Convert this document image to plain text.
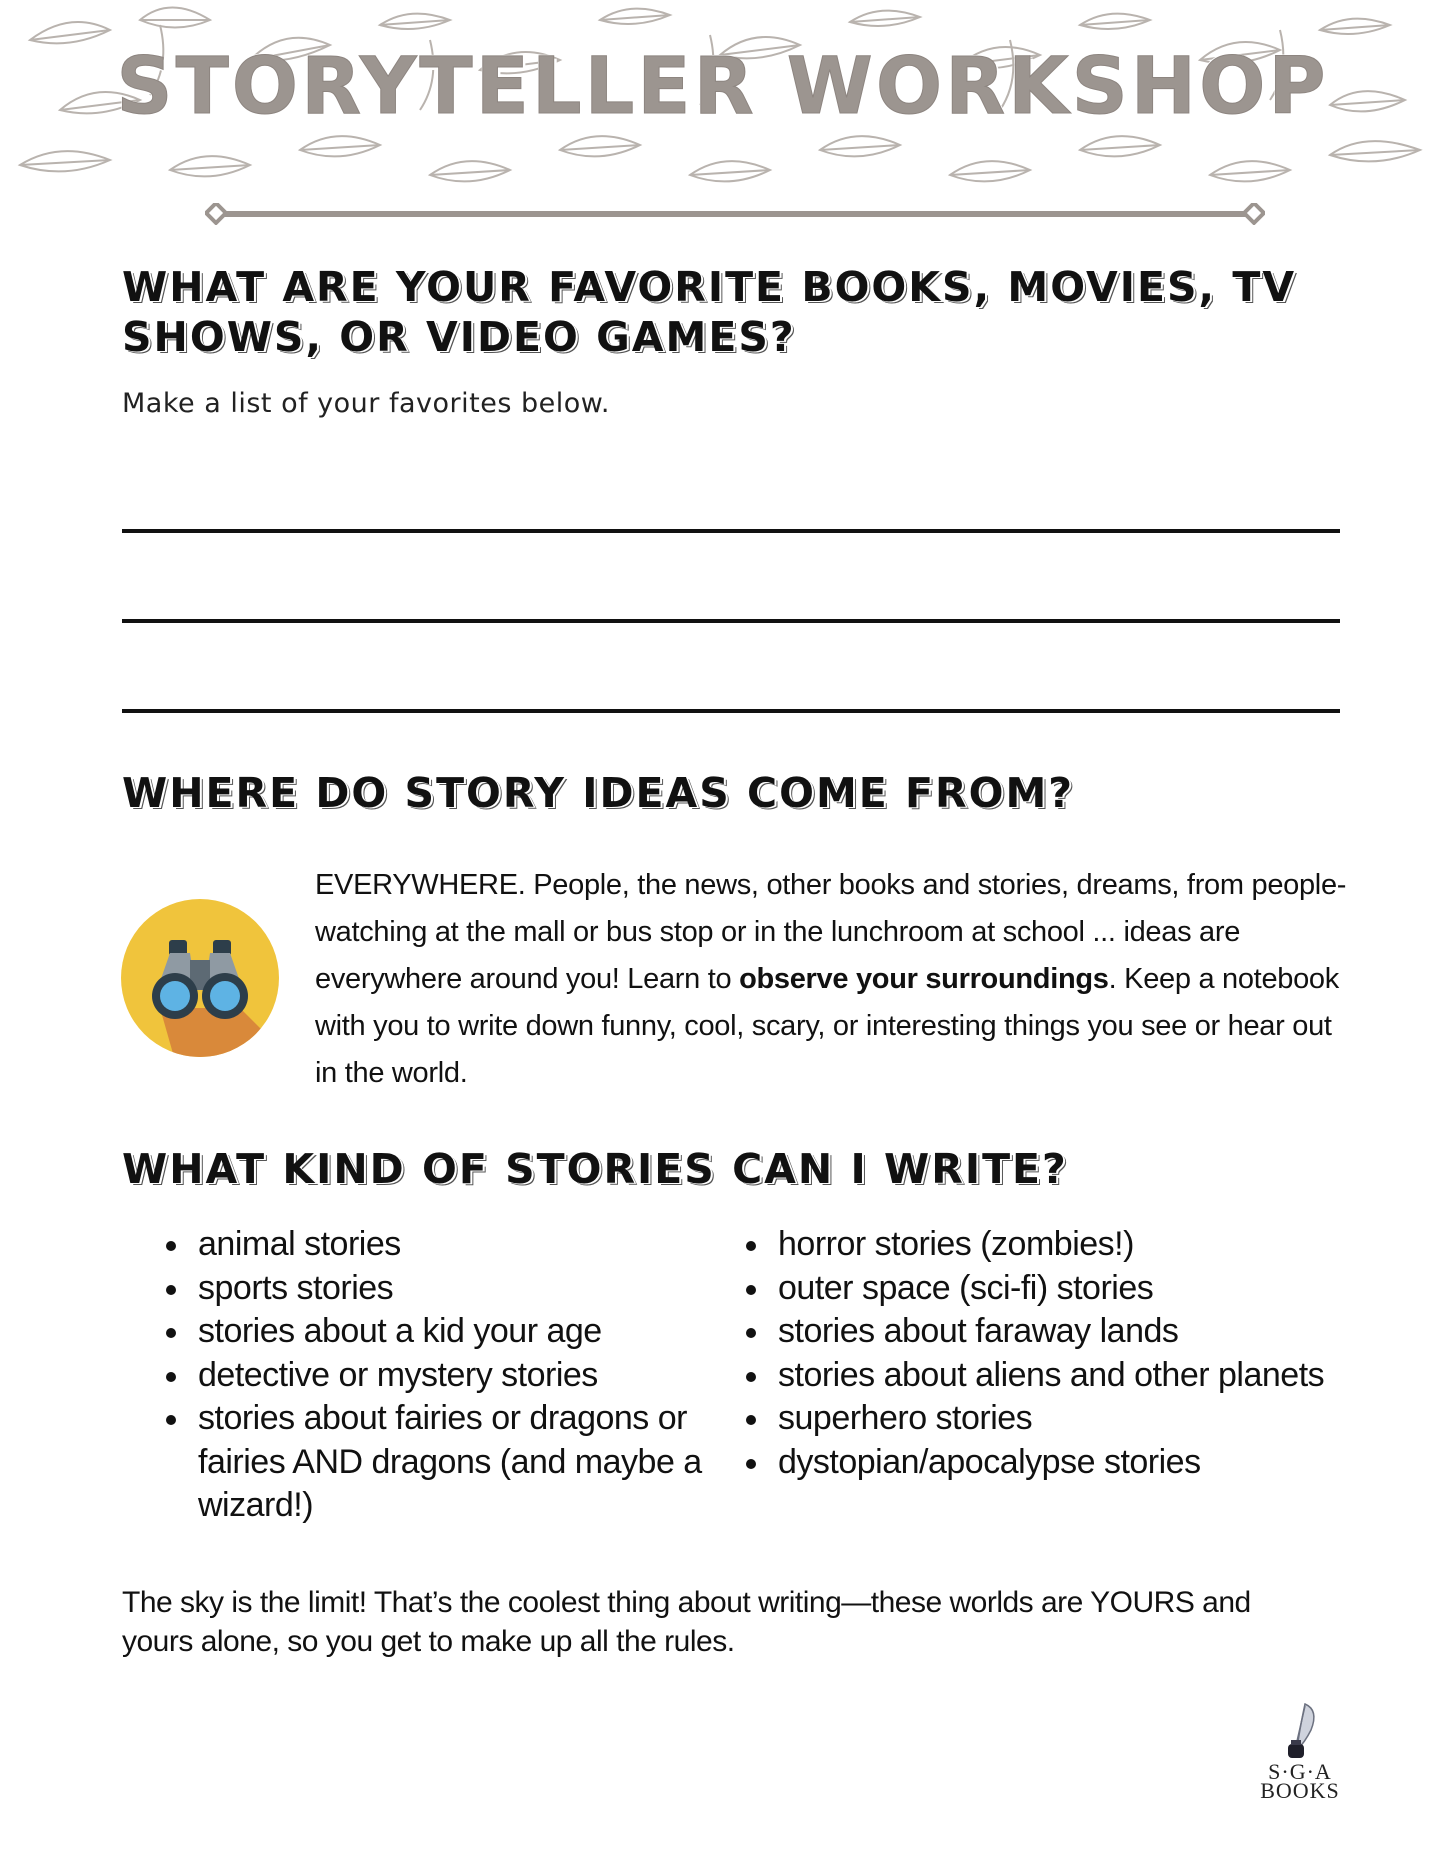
STORYTELLER WORKSHOP
WHAT ARE YOUR FAVORITE BOOKS, MOVIES, TV
SHOWS, OR VIDEO GAMES?
Make a list of your favorites below.
WHERE DO STORY IDEAS COME FROM?
EVERYWHERE. People, the news, other books and stories, dreams, from people-watching at the mall or bus stop or in the lunchroom at school ... ideas are everywhere around you! Learn to observe your surroundings. Keep a notebook with you to write down funny, cool, scary, or interesting things you see or hear out in the world.
WHAT KIND OF STORIES CAN I WRITE?
animal stories
sports stories
stories about a kid your age
detective or mystery stories
stories about fairies or dragons or fairies AND dragons (and maybe a wizard!)
horror stories (zombies!)
outer space (sci-fi) stories
stories about faraway lands
stories about aliens and other planets
superhero stories
dystopian/apocalypse stories
The sky is the limit! That’s the coolest thing about writing—these worlds are YOURS and yours alone, so you get to make up all the rules.
S·G·A
BOOKS
